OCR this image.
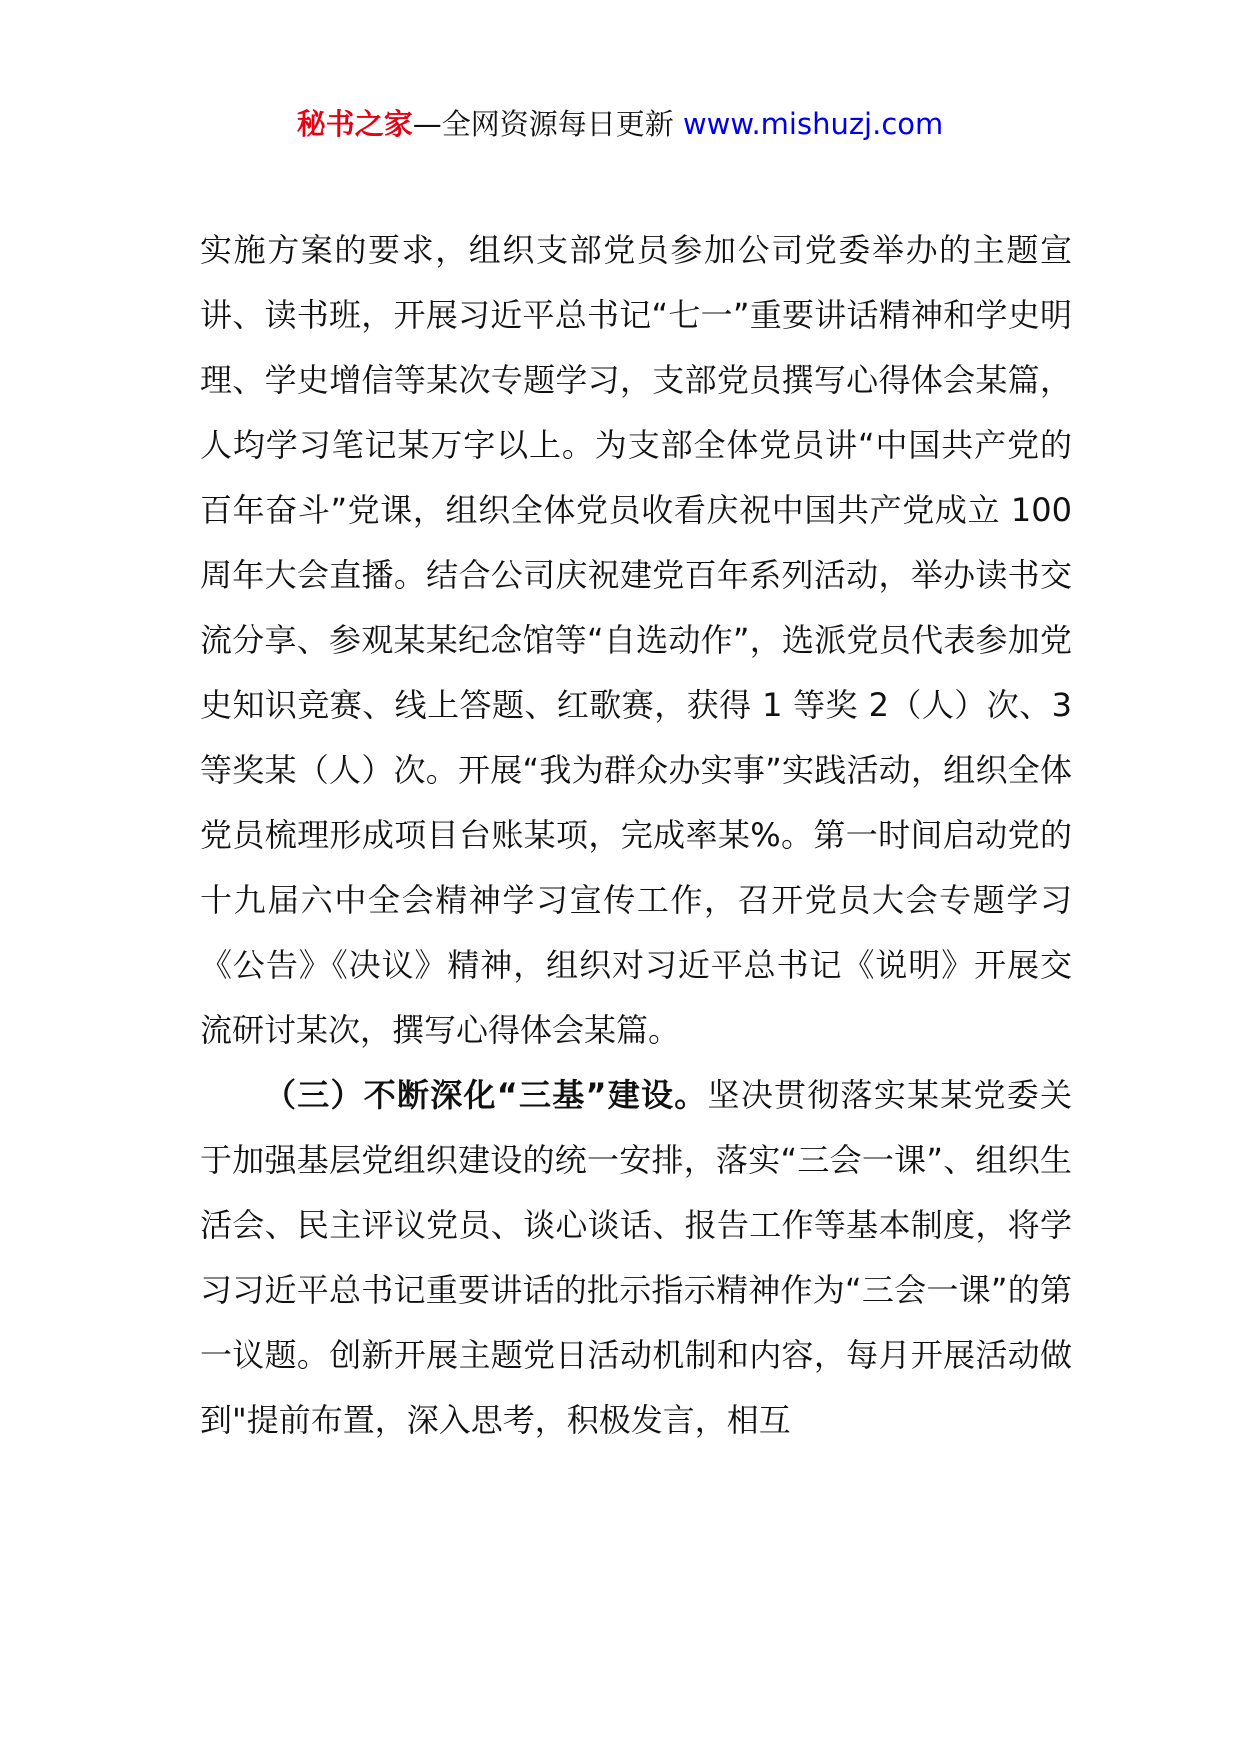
秘书之家—全网资源每日更新 www.mishuzj.com

实施方案的要求，组织支部党员参加公司党委举办的主题宣讲、读书班，开展习近平总书记“七一”重要讲话精神和学史明理、学史增信等某次专题学习，支部党员撰写心得体会某篇，人均学习笔记某万字以上。为支部全体党员讲“中国共产党的百年奋斗”党课，组织全体党员收看庆祝中国共产党成立 100 周年大会直播。结合公司庆祝建党百年系列活动，举办读书交流分享、参观某某纪念馆等“自选动作”，选派党员代表参加党史知识竞赛、线上答题、红歌赛，获得 1 等奖 2（人）次、3 等奖某（人）次。开展“我为群众办实事”实践活动，组织全体党员梳理形成项目台账某项，完成率某%。第一时间启动党的十九届六中全会精神学习宣传工作，召开党员大会专题学习《公告》《决议》精神，组织对习近平总书记《说明》开展交流研讨某次，撰写心得体会某篇。

（三）不断深化“三基”建设。坚决贯彻落实某某党委关于加强基层党组织建设的统一安排，落实“三会一课”、组织生活会、民主评议党员、谈心谈话、报告工作等基本制度，将学习习近平总书记重要讲话的批示指示精神作为“三会一课”的第一议题。创新开展主题党日活动机制和内容，每月开展活动做到"提前布置，深入思考，积极发言，相互
